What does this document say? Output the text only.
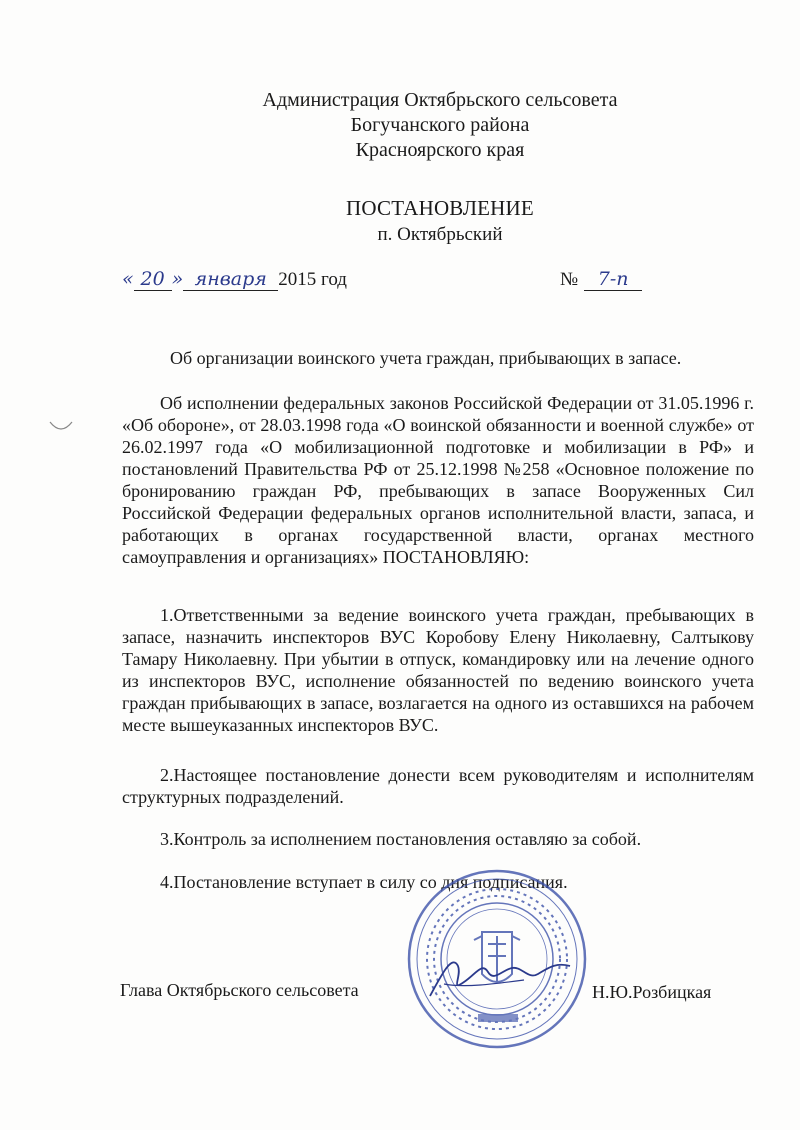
Администрация Октябрьского сельсовета
Богучанского района
Красноярского края
ПОСТАНОВЛЕНИЕ
п. Октябрьский
« 20 » января 2015 год	№ 7-п
Об организации воинского учета граждан, прибывающих в запасе.
Об исполнении федеральных законов Российской Федерации от 31.05.1996 г. «Об обороне», от 28.03.1998 года «О воинской обязанности и военной службе» от 26.02.1997 года «О мобилизационной подготовке и мобилизации в РФ» и постановлений Правительства РФ от 25.12.1998 №258 «Основное положение по бронированию граждан РФ, пребывающих в запасе Вооруженных Сил Российской Федерации федеральных органов исполнительной власти, запаса, и работающих в органах государственной власти, органах местного самоуправления и организациях» ПОСТАНОВЛЯЮ:
1.Ответственными за ведение воинского учета граждан, пребывающих в запасе, назначить инспекторов ВУС Коробову Елену Николаевну, Салтыкову Тамару Николаевну. При убытии в отпуск, командировку или на лечение одного из инспекторов ВУС, исполнение обязанностей по ведению воинского учета граждан прибывающих в запасе, возлагается на одного из оставшихся на рабочем месте вышеуказанных инспекторов ВУС.
2.Настоящее постановление донести всем руководителям и исполнителям структурных подразделений.
3.Контроль за исполнением постановления оставляю за собой.
4.Постановление вступает в силу со дня подписания.
Глава Октябрьского сельсовета	Н.Ю.Розбицкая
